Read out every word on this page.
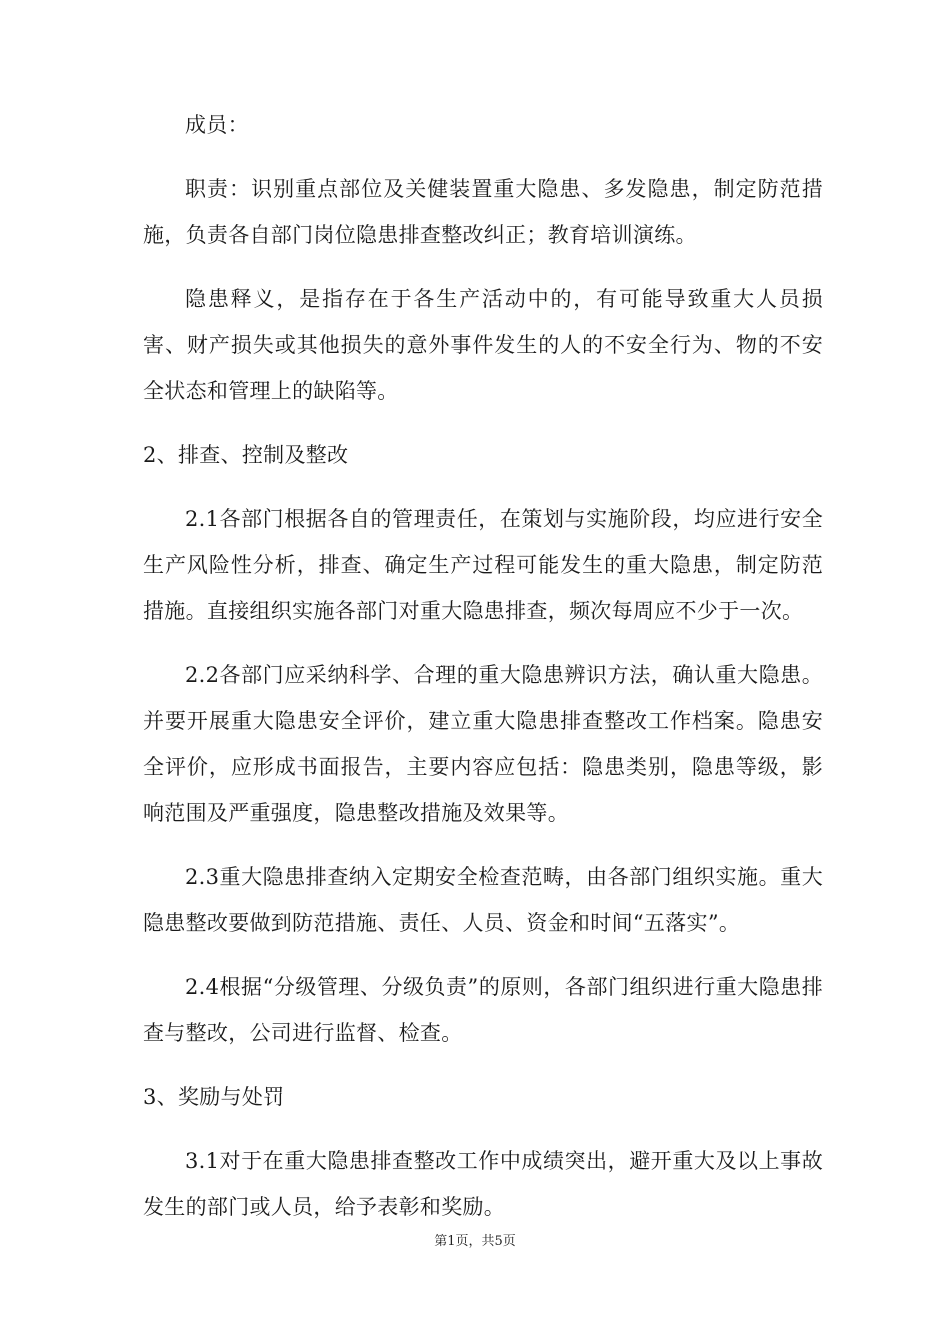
成员：

职责：识别重点部位及关健装置重大隐患、多发隐患，制定防范措施，负责各自部门岗位隐患排查整改纠正；教育培训演练。

隐患释义，是指存在于各生产活动中的，有可能导致重大人员损害、财产损失或其他损失的意外事件发生的人的不安全行为、物的不安全状态和管理上的缺陷等。

2、排查、控制及整改

2.1各部门根据各自的管理责任，在策划与实施阶段，均应进行安全生产风险性分析，排查、确定生产过程可能发生的重大隐患，制定防范措施。直接组织实施各部门对重大隐患排查，频次每周应不少于一次。

2.2各部门应采纳科学、合理的重大隐患辨识方法，确认重大隐患。并要开展重大隐患安全评价，建立重大隐患排查整改工作档案。隐患安全评价，应形成书面报告，主要内容应包括：隐患类别，隐患等级，影响范围及严重强度，隐患整改措施及效果等。

2.3重大隐患排查纳入定期安全检查范畴，由各部门组织实施。重大隐患整改要做到防范措施、责任、人员、资金和时间“五落实”。

2.4根据“分级管理、分级负责”的原则，各部门组织进行重大隐患排查与整改，公司进行监督、检查。

3、奖励与处罚

3.1对于在重大隐患排查整改工作中成绩突出，避开重大及以上事故发生的部门或人员，给予表彰和奖励。

第1页，共5页
